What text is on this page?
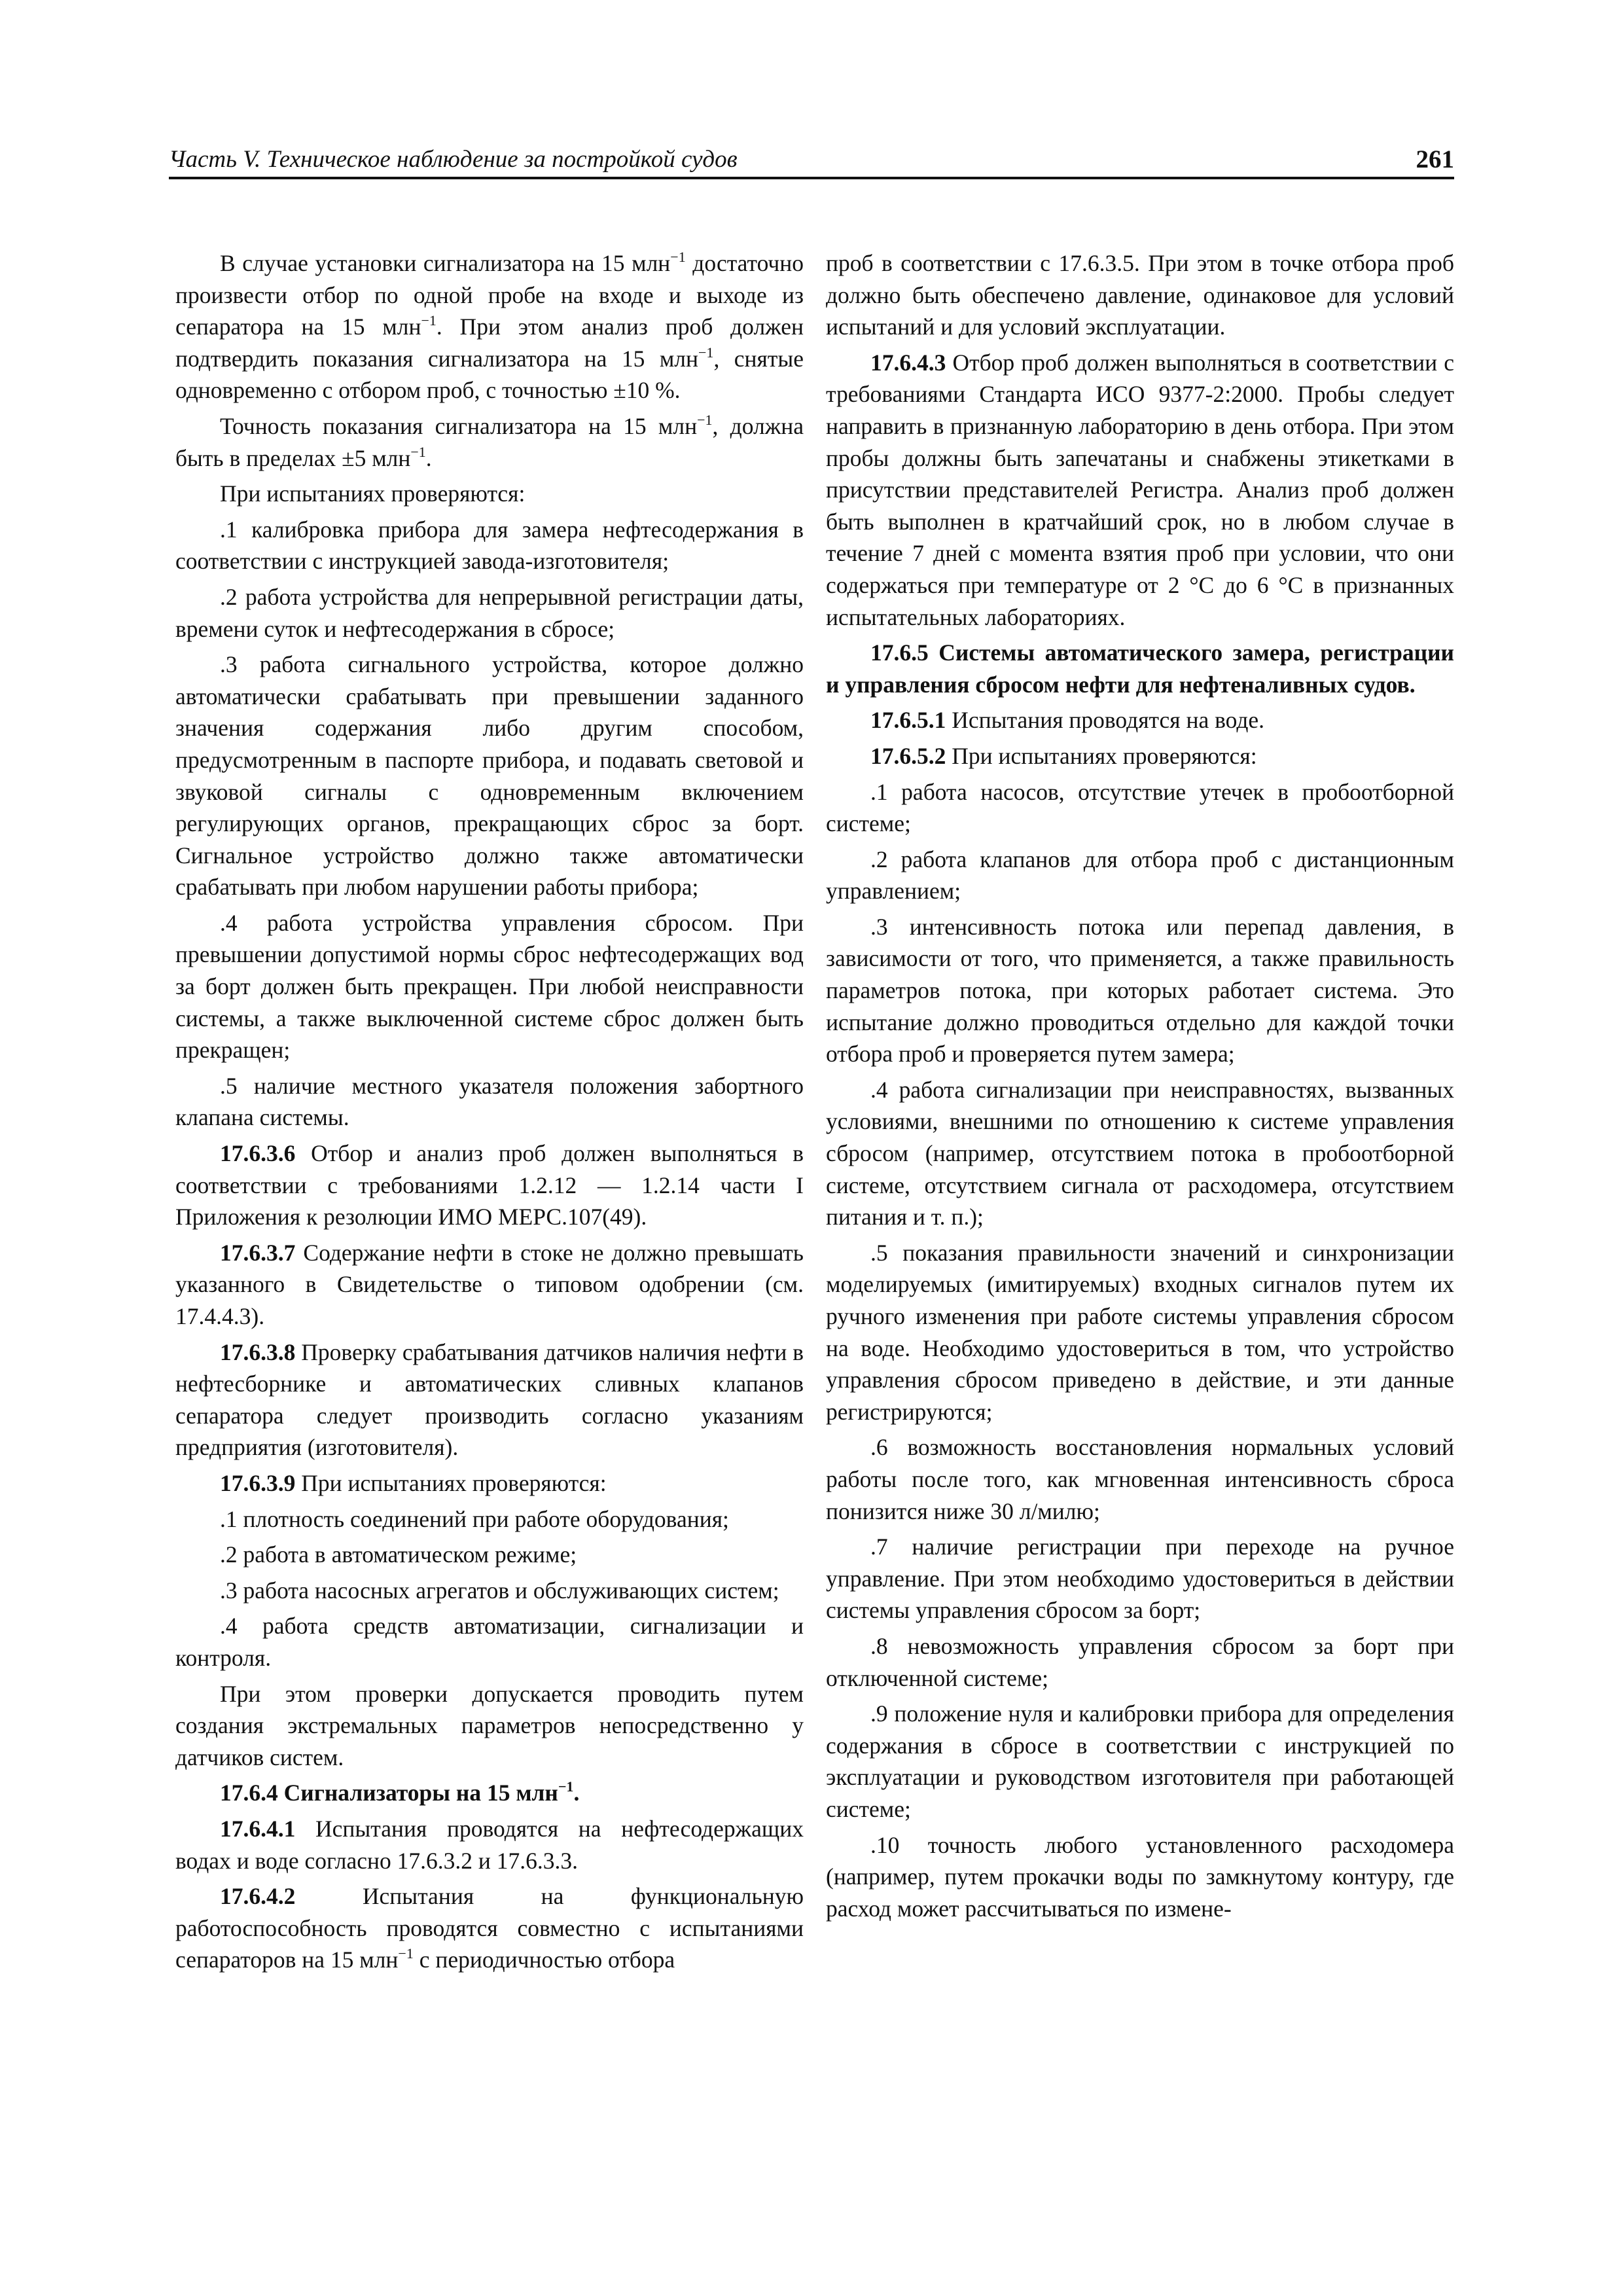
Часть V. Техническое наблюдение за постройкой судов	261

В случае установки сигнализатора на 15 млн$^{-1}$ достаточно произвести отбор по одной пробе на входе и выходе из сепаратора на 15 млн$^{-1}$. При этом анализ проб должен подтвердить показания сигнализатора на 15 млн$^{-1}$, снятые одновременно с отбором проб, с точностью ±10 %.

Точность показания сигнализатора на 15 млн$^{-1}$, должна быть в пределах ±5 млн$^{-1}$.

При испытаниях проверяются:

.1 калибровка прибора для замера нефтесодержания в соответствии с инструкцией завода-изготовителя;

.2 работа устройства для непрерывной регистрации даты, времени суток и нефтесодержания в сбросе;

.3 работа сигнального устройства, которое должно автоматически срабатывать при превышении заданного значения содержания либо другим способом, предусмотренным в паспорте прибора, и подавать световой и звуковой сигналы с одновременным включением регулирующих органов, прекращающих сброс за борт. Сигнальное устройство должно также автоматически срабатывать при любом нарушении работы прибора;

.4 работа устройства управления сбросом. При превышении допустимой нормы сброс нефтесодержащих вод за борт должен быть прекращен. При любой неисправности системы, а также выключенной системе сброс должен быть прекращен;

.5 наличие местного указателя положения забортного клапана системы.

17.6.3.6 Отбор и анализ проб должен выполняться в соответствии с требованиями 1.2.12 — 1.2.14 части I Приложения к резолюции ИМО МЕРС.107(49).

17.6.3.7 Содержание нефти в стоке не должно превышать указанного в Свидетельстве о типовом одобрении (см. 17.4.4.3).

17.6.3.8 Проверку срабатывания датчиков наличия нефти в нефтесборнике и автоматических сливных клапанов сепаратора следует производить согласно указаниям предприятия (изготовителя).

17.6.3.9 При испытаниях проверяются:

.1 плотность соединений при работе оборудования;

.2 работа в автоматическом режиме;

.3 работа насосных агрегатов и обслуживающих систем;

.4 работа средств автоматизации, сигнализации и контроля.

При этом проверки допускается проводить путем создания экстремальных параметров непосредственно у датчиков систем.

17.6.4 Сигнализаторы на 15 млн$^{-1}$.

17.6.4.1 Испытания проводятся на нефтесодержащих водах и воде согласно 17.6.3.2 и 17.6.3.3.

17.6.4.2 Испытания на функциональную работоспособность проводятся совместно с испытаниями сепараторов на 15 млн$^{-1}$ с периодичностью отбора

проб в соответствии с 17.6.3.5. При этом в точке отбора проб должно быть обеспечено давление, одинаковое для условий испытаний и для условий эксплуатации.

17.6.4.3 Отбор проб должен выполняться в соответствии с требованиями Стандарта ИСО 9377-2:2000. Пробы следует направить в признанную лабораторию в день отбора. При этом пробы должны быть запечатаны и снабжены этикетками в присутствии представителей Регистра. Анализ проб должен быть выполнен в кратчайший срок, но в любом случае в течение 7 дней с момента взятия проб при условии, что они содержаться при температуре от 2 °С до 6 °С в признанных испытательных лабораториях.

17.6.5 Системы автоматического замера, регистрации и управления сбросом нефти для нефтеналивных судов.

17.6.5.1 Испытания проводятся на воде.

17.6.5.2 При испытаниях проверяются:

.1 работа насосов, отсутствие утечек в пробоотборной системе;

.2 работа клапанов для отбора проб с дистанционным управлением;

.3 интенсивность потока или перепад давления, в зависимости от того, что применяется, а также правильность параметров потока, при которых работает система. Это испытание должно проводиться отдельно для каждой точки отбора проб и проверяется путем замера;

.4 работа сигнализации при неисправностях, вызванных условиями, внешними по отношению к системе управления сбросом (например, отсутствием потока в пробоотборной системе, отсутствием сигнала от расходомера, отсутствием питания и т. п.);

.5 показания правильности значений и синхронизации моделируемых (имитируемых) входных сигналов путем их ручного изменения при работе системы управления сбросом на воде. Необходимо удостовериться в том, что устройство управления сбросом приведено в действие, и эти данные регистрируются;

.6 возможность восстановления нормальных условий работы после того, как мгновенная интенсивность сброса понизится ниже 30 л/милю;

.7 наличие регистрации при переходе на ручное управление. При этом необходимо удостовериться в действии системы управления сбросом за борт;

.8 невозможность управления сбросом за борт при отключенной системе;

.9 положение нуля и калибровки прибора для определения содержания в сбросе в соответствии с инструкцией по эксплуатации и руководством изготовителя при работающей системе;

.10 точность любого установленного расходомера (например, путем прокачки воды по замкнутому контуру, где расход может рассчитываться по измене-
